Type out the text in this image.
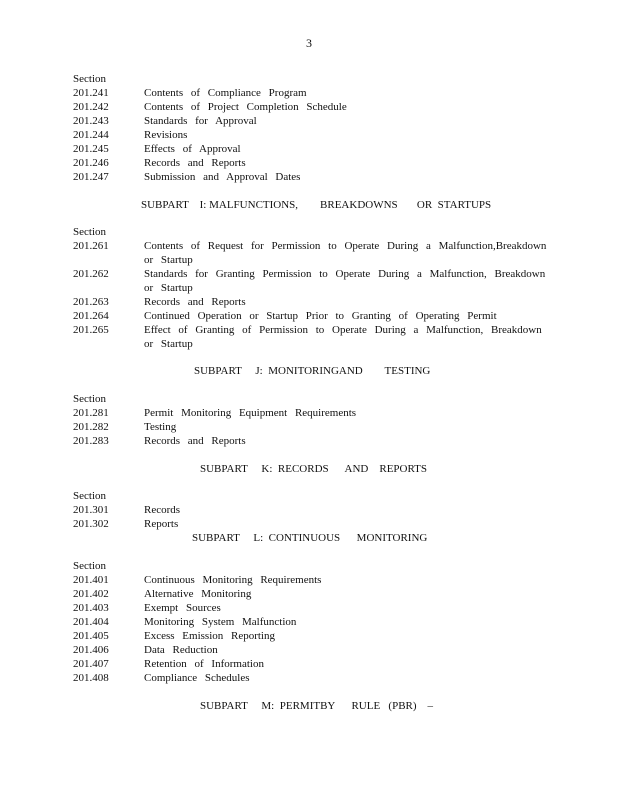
3
Section
201.241	Contents of Compliance Program
201.242	Contents of Project Completion Schedule
201.243	Standards for Approval
201.244	Revisions
201.245	Effects of Approval
201.246	Records and Reports
201.247	Submission and Approval Dates
SUBPART    I: MALFUNCTIONS,        BREAKDOWNS       OR  STARTUPS
Section
201.261	Contents of Request for Permission to Operate During a Malfunction,Breakdown or Startup
201.262	Standards for Granting Permission to Operate During a Malfunction, Breakdown or Startup
201.263	Records and Reports
201.264	Continued Operation or Startup Prior to Granting of Operating Permit
201.265	Effect of Granting of Permission to Operate During a Malfunction, Breakdown or Startup
SUBPART     J:  MONITORINGAND        TESTING
Section
201.281	Permit Monitoring Equipment Requirements
201.282	Testing
201.283	Records and Reports
SUBPART     K:  RECORDS      AND    REPORTS
Section
201.301	Records
201.302	Reports
SUBPART     L:  CONTINUOUS      MONITORING
Section
201.401	Continuous Monitoring Requirements
201.402	Alternative Monitoring
201.403	Exempt Sources
201.404	Monitoring System Malfunction
201.405	Excess Emission Reporting
201.406	Data Reduction
201.407	Retention of Information
201.408	Compliance Schedules
SUBPART     M:  PERMITBY      RULE   (PBR)    –
